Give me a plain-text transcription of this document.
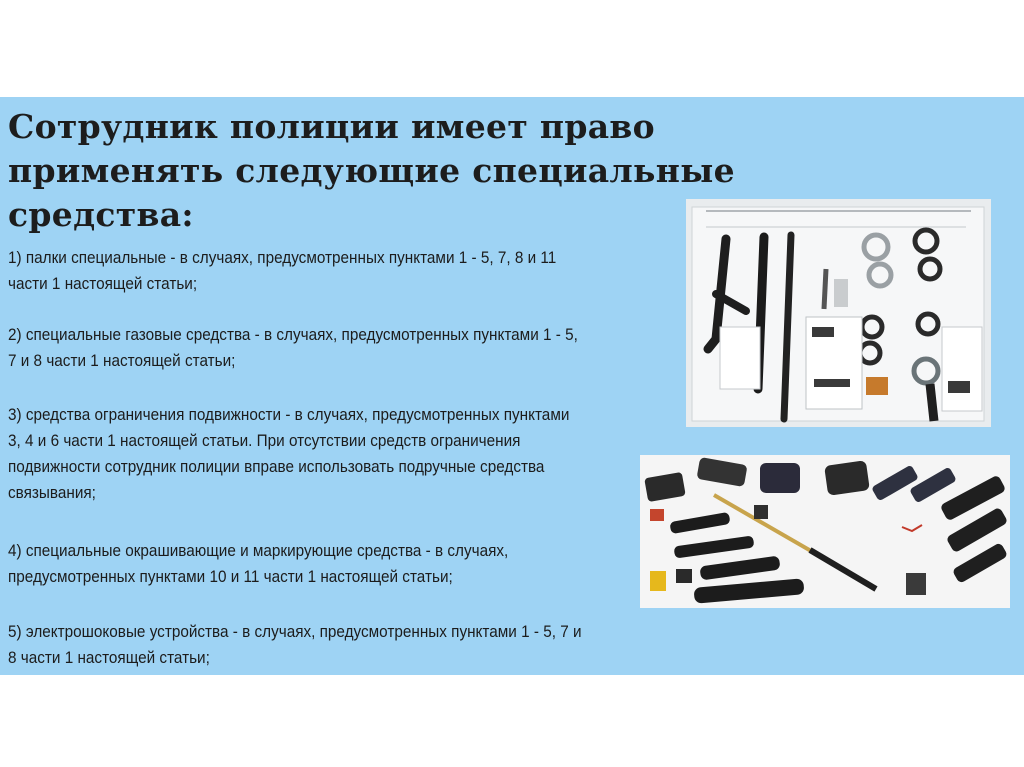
Сотрудник полиции имеет право
применять следующие специальные
средства:

1) палки специальные - в случаях, предусмотренных пунктами 1 - 5, 7, 8 и 11
части 1 настоящей статьи;

2) специальные газовые средства - в случаях, предусмотренных пунктами 1 - 5,
7 и 8 части 1 настоящей статьи;

3) средства ограничения подвижности - в случаях, предусмотренных пунктами
3, 4 и 6 части 1 настоящей статьи. При отсутствии средств ограничения
подвижности сотрудник полиции вправе использовать подручные средства
связывания;

4) специальные окрашивающие и маркирующие средства - в случаях,
предусмотренных пунктами 10 и 11 части 1 настоящей статьи;

5) электрошоковые устройства - в случаях, предусмотренных пунктами 1 - 5, 7 и
8 части 1 настоящей статьи;
